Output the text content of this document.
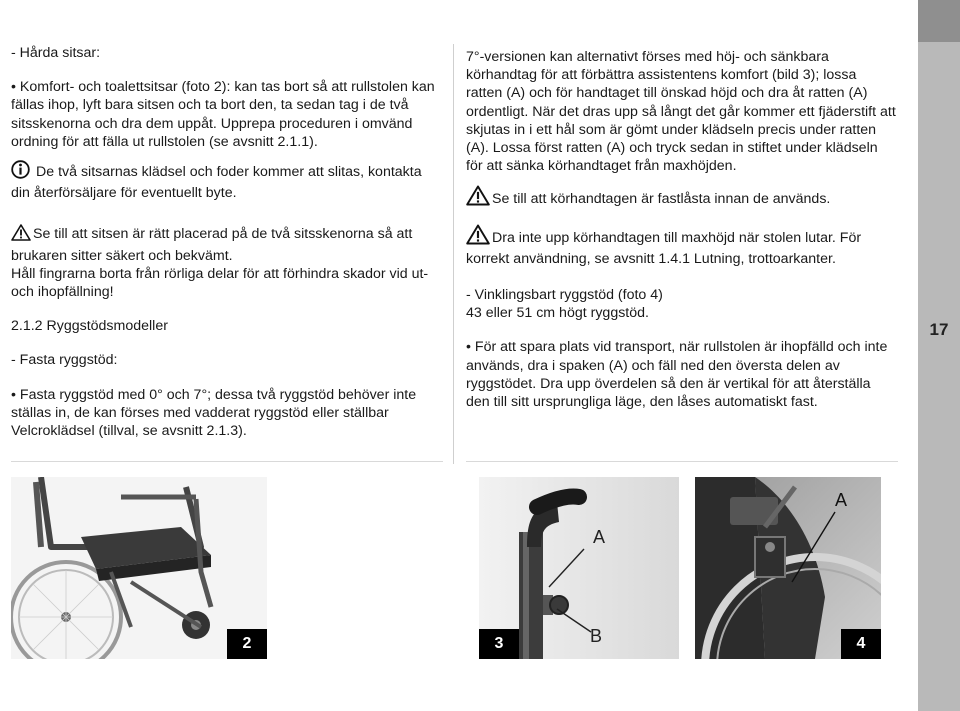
- Hårda sitsar:

• Komfort- och toalettsitsar (foto 2): kan tas bort så att rullstolen kan fällas ihop, lyft bara sitsen och ta bort den, ta sedan tag i de två sitsskenorna och dra dem uppåt. Upprepa proceduren i omvänd ordning för att fälla ut rullstolen (se avsnitt 2.1.1).

De två sitsarnas klädsel och foder kommer att slitas, kontakta din återförsäljare för eventuellt byte.

Se till att sitsen är rätt placerad på de två sitsskenorna så att brukaren sitter säkert och bekvämt.

Håll fingrarna borta från rörliga delar för att förhindra skador vid ut- och ihopfällning!

2.1.2 Ryggstödsmodeller

- Fasta ryggstöd:

• Fasta ryggstöd med 0° och 7°; dessa två ryggstöd behöver inte ställas in, de kan förses med vadderat ryggstöd eller ställbar Velcroklädsel (tillval, se avsnitt 2.1.3).

7°-versionen kan alternativt förses med höj- och sänkbara körhandtag för att förbättra assistentens komfort (bild 3); lossa ratten (A) och för handtaget till önskad höjd och dra åt ratten (A) ordentligt. När det dras upp så långt det går kommer ett fjäderstift att skjutas in i ett hål som är gömt under klädseln precis under ratten (A). Lossa först ratten (A) och tryck sedan in stiftet under klädseln för att sänka körhandtaget från maxhöjden.

Se till att körhandtagen är fastlåsta innan de används.

Dra inte upp körhandtagen till maxhöjd när stolen lutar. För korrekt användning, se avsnitt 1.4.1 Lutning, trottoarkanter.

- Vinklingsbart ryggstöd (foto 4)

43 eller 51 cm högt ryggstöd.

• För att spara plats vid transport, när rullstolen är ihopfälld och inte används, dra i spaken (A) och fäll ned den översta delen av ryggstödet. Dra upp överdelen så den är vertikal för att återställa den till sitt ursprungliga läge, den låses automatiskt fast.

2
A
B
3
A
4
17
